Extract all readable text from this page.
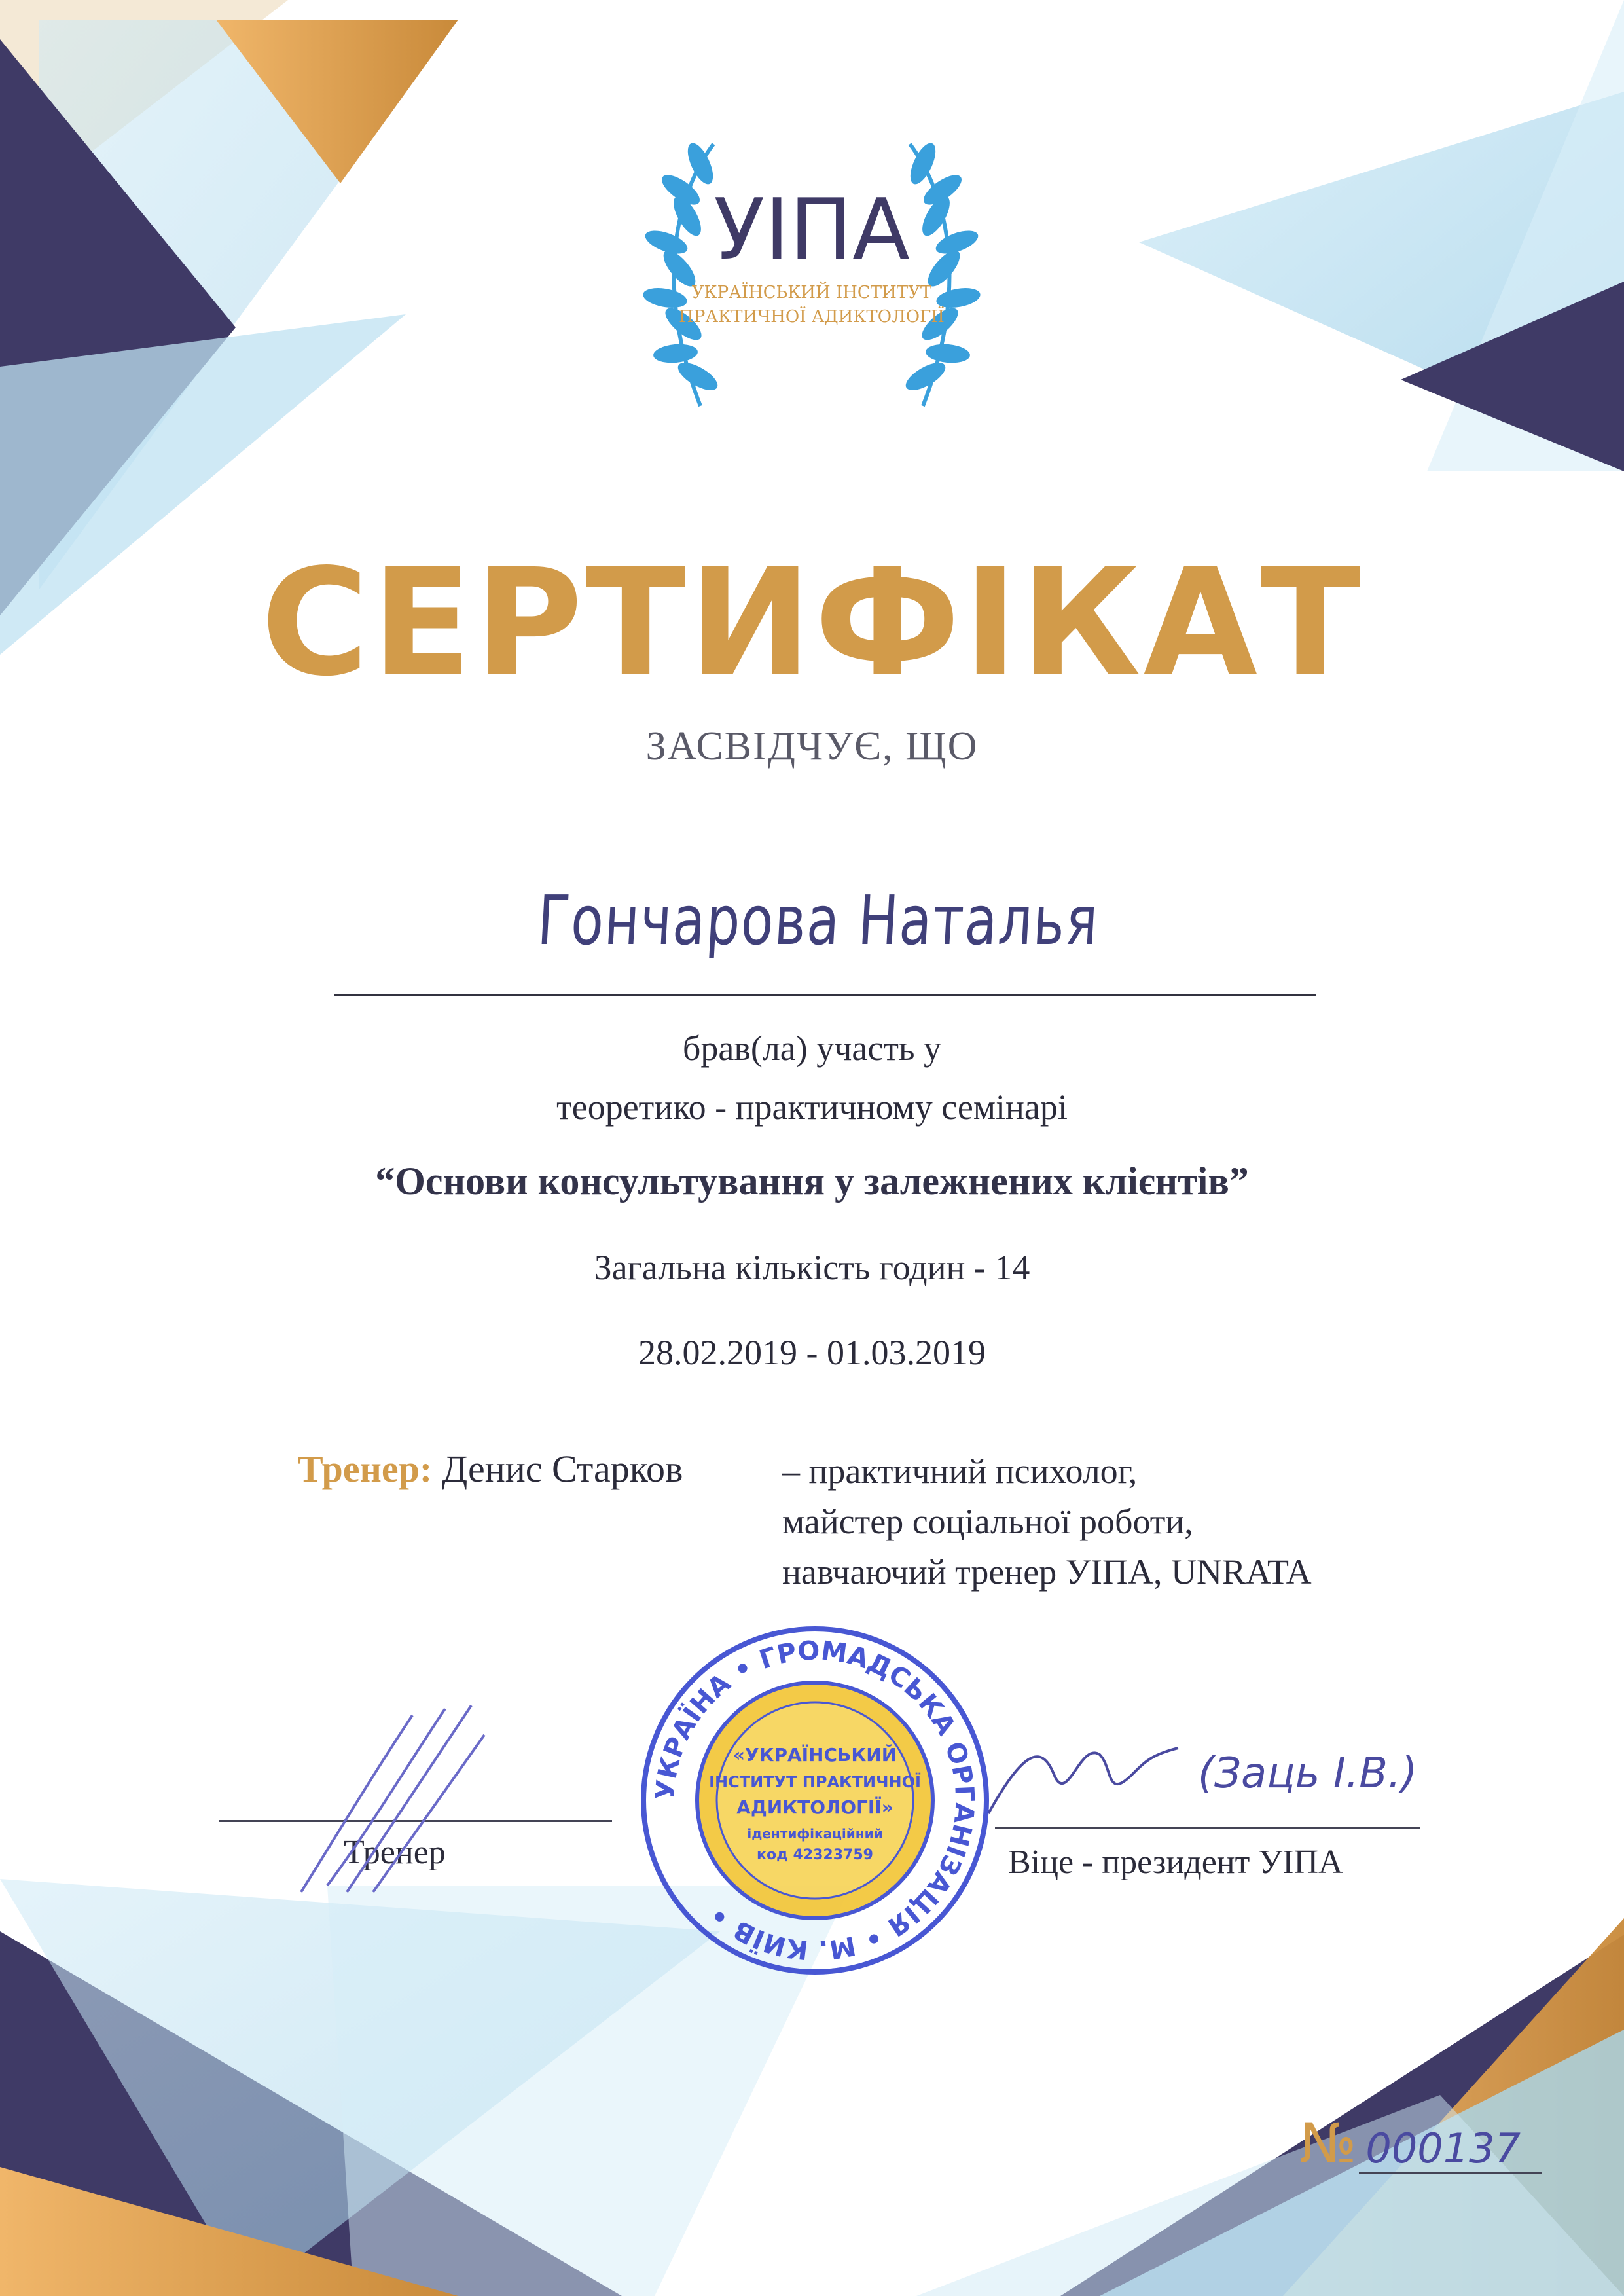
УІПА
УКРАЇНСЬКИЙ ІНСТИТУТ
ПРАКТИЧНОЇ АДИКТОЛОГІЇ
СЕРТИФІКАТ
ЗАСВІДЧУЄ, ЩО
Гончарова Наталья
брав(ла) участь у
теоретико - практичному семінарі
“Основи консультування у залежнених клієнтів”
Загальна кількість годин - 14
28.02.2019 - 01.03.2019
Тренер: Денис Старков	– практичний психолог,
майстер соціальної роботи,
навчаючий тренер УІПА, UNRATA
Тренер	Віце - президент УІПА
(Заць І.В.)
УКРАЇНА • ГРОМАДСЬКА ОРГАНІЗАЦІЯ • М. КИЇВ •
«УКРАЇНСЬКИЙ
ІНСТИТУТ ПРАКТИЧНОЇ
АДИКТОЛОГІЇ»
ідентифікаційний
код 42323759
№ 000137
